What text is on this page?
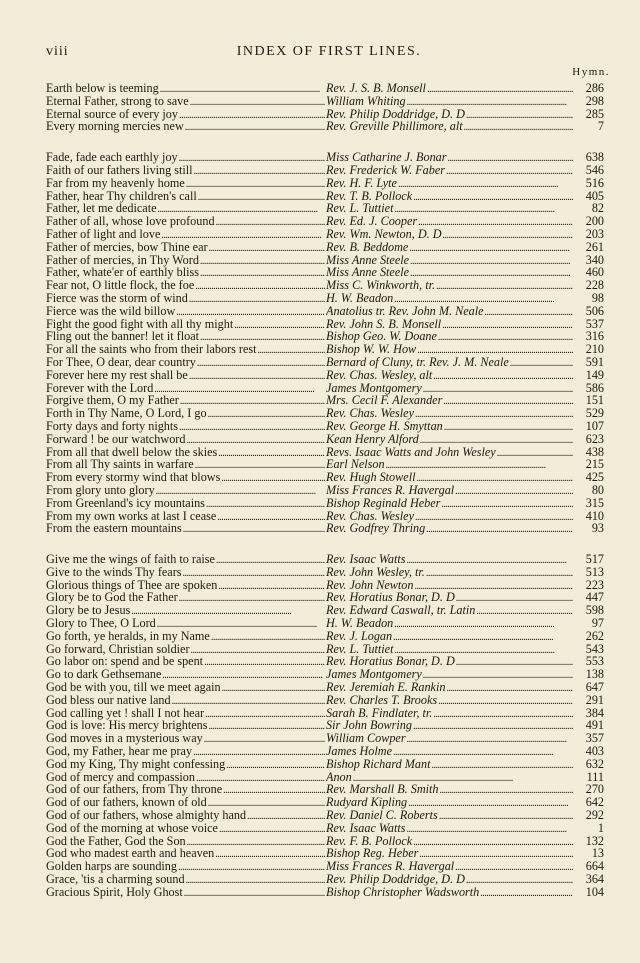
viii	INDEX OF FIRST LINES.
Hymn.
Earth below is teeming . . .	Rev. J. S. B. Monsell . . .	286
Eternal Father, strong to save . . .	William Whiting . . .	298
Eternal source of every joy . . .	Rev. Philip Doddridge, D. D . . .	285
Every morning mercies new . . .	Rev. Greville Phillimore, alt . . .	7
Fade, fade each earthly joy . . .	Miss Catharine J. Bonar . . .	638
Faith of our fathers living still . . .	Rev. Frederick W. Faber . . .	546
Far from my heavenly home . . .	Rev. H. F. Lyte . . .	516
Father, hear Thy children's call . . .	Rev. T. B. Pollock . . .	405
Father, let me dedicate . . .	Rev. L. Tuttiet . . .	82
Father of all, whose love profound . . .	Rev. Ed. J. Cooper . . .	200
Father of light and love . . .	Rev. Wm. Newton, D. D . . .	203
Father of mercies, bow Thine ear . . .	Rev. B. Beddome . . .	261
Father of mercies, in Thy Word . . .	Miss Anne Steele . . .	340
Father, whate'er of earthly bliss . . .	Miss Anne Steele . . .	460
Fear not, O little flock, the foe . . .	Miss C. Winkworth, tr. . . .	228
Fierce was the storm of wind . . .	H. W. Beadon . . .	98
Fierce was the wild billow . . .	Anatolius tr. Rev. John M. Neale . . .	506
Fight the good fight with all thy might . . .	Rev. John S. B. Monsell . . .	537
Fling out the banner! let it float . . .	Bishop Geo. W. Doane . . .	316
For all the saints who from their labors rest . . .	Bishop W. W. How . . .	210
For Thee, O dear, dear country . . .	Bernard of Cluny, tr. Rev. J. M. Neale . . .	591
Forever here my rest shall be . . .	Rev. Chas. Wesley, alt . . .	149
Forever with the Lord . . .	James Montgomery . . .	586
Forgive them, O my Father . . .	Mrs. Cecil F. Alexander . . .	151
Forth in Thy Name, O Lord, I go . . .	Rev. Chas. Wesley . . .	529
Forty days and forty nights . . .	Rev. George H. Smyttan . . .	107
Forward ! be our watchword . . .	Kean Henry Alford . . .	623
From all that dwell below the skies . . .	Revs. Isaac Watts and John Wesley . . .	438
From all Thy saints in warfare . . .	Earl Nelson . . .	215
From every stormy wind that blows . . .	Rev. Hugh Stowell . . .	425
From glory unto glory . . .	Miss Frances R. Havergal . . .	80
From Greenland's icy mountains . . .	Bishop Reginald Heber . . .	315
From my own works at last I cease . . .	Rev. Chas. Wesley . . .	410
From the eastern mountains . . .	Rev. Godfrey Thring . . .	93
Give me the wings of faith to raise . . .	Rev. Isaac Watts . . .	517
Give to the winds Thy fears . . .	Rev. John Wesley, tr. . . .	513
Glorious things of Thee are spoken . . .	Rev. John Newton . . .	223
Glory be to God the Father . . .	Rev. Horatius Bonar, D. D . . .	447
Glory be to Jesus . . .	Rev. Edward Caswall, tr. Latin . . .	598
Glory to Thee, O Lord . . .	H. W. Beadon . . .	97
Go forth, ye heralds, in my Name . . .	Rev. J. Logan . . .	262
Go forward, Christian soldier . . .	Rev. L. Tuttiet . . .	543
Go labor on: spend and be spent . . .	Rev. Horatius Bonar, D. D . . .	553
Go to dark Gethsemane . . .	James Montgomery . . .	138
God be with you, till we meet again . . .	Rev. Jeremiah E. Rankin . . .	647
God bless our native land . . .	Rev. Charles T. Brooks . . .	291
God calling yet ! shall I not hear . . .	Sarah B. Findlater, tr. . . .	384
God is love: His mercy brightens . . .	Sir John Bowring . . .	491
God moves in a mysterious way . . .	William Cowper . . .	357
God, my Father, hear me pray . . .	James Holme . . .	403
God my King, Thy might confessing . . .	Bishop Richard Mant . . .	632
God of mercy and compassion . . .	Anon . . .	111
God of our fathers, from Thy throne . . .	Rev. Marshall B. Smith . . .	270
God of our fathers, known of old . . .	Rudyard Kipling . . .	642
God of our fathers, whose almighty hand . . .	Rev. Daniel C. Roberts . . .	292
God of the morning at whose voice . . .	Rev. Isaac Watts . . .	1
God the Father, God the Son . . .	Rev. F. B. Pollock . . .	132
God who madest earth and heaven . . .	Bishop Reg. Heber . . .	13
Golden harps are sounding . . .	Miss Frances R. Havergal . . .	664
Grace, 'tis a charming sound . . .	Rev. Philip Doddridge, D. D . . .	364
Gracious Spirit, Holy Ghost . . .	Bishop Christopher Wadsworth . . .	104
